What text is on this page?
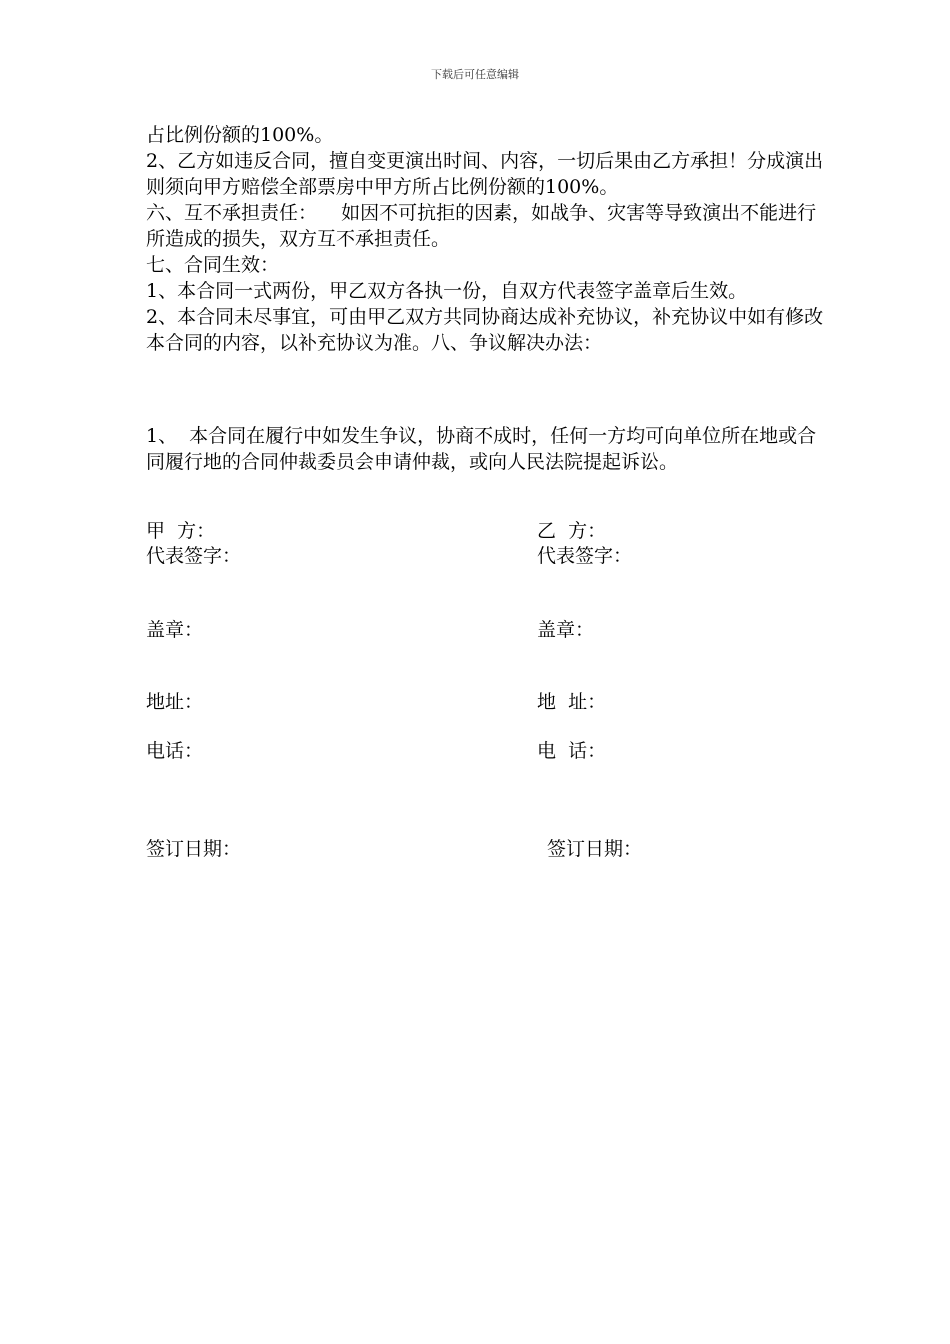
下载后可任意编辑

占比例份额的100%。

2、乙方如违反合同，擅自变更演出时间、内容，一切后果由乙方承担！分成演出则须向甲方赔偿全部票房中甲方所占比例份额的100%。

六、互不承担责任：    如因不可抗拒的因素，如战争、灾害等导致演出不能进行所造成的损失，双方互不承担责任。

七、合同生效：

1、本合同一式两份，甲乙双方各执一份，自双方代表签字盖章后生效。

2、本合同未尽事宜，可由甲乙双方共同协商达成补充协议，补充协议中如有修改本合同的内容，以补充协议为准。八、争议解决办法：

1、  本合同在履行中如发生争议，协商不成时，任何一方均可向单位所在地或合同履行地的合同仲裁委员会申请仲裁，或向人民法院提起诉讼。

甲  方：	乙  方：
代表签字：	代表签字：
盖章：	盖章：
地址：	地  址：
电话：	电  话：
签订日期：	签订日期：
